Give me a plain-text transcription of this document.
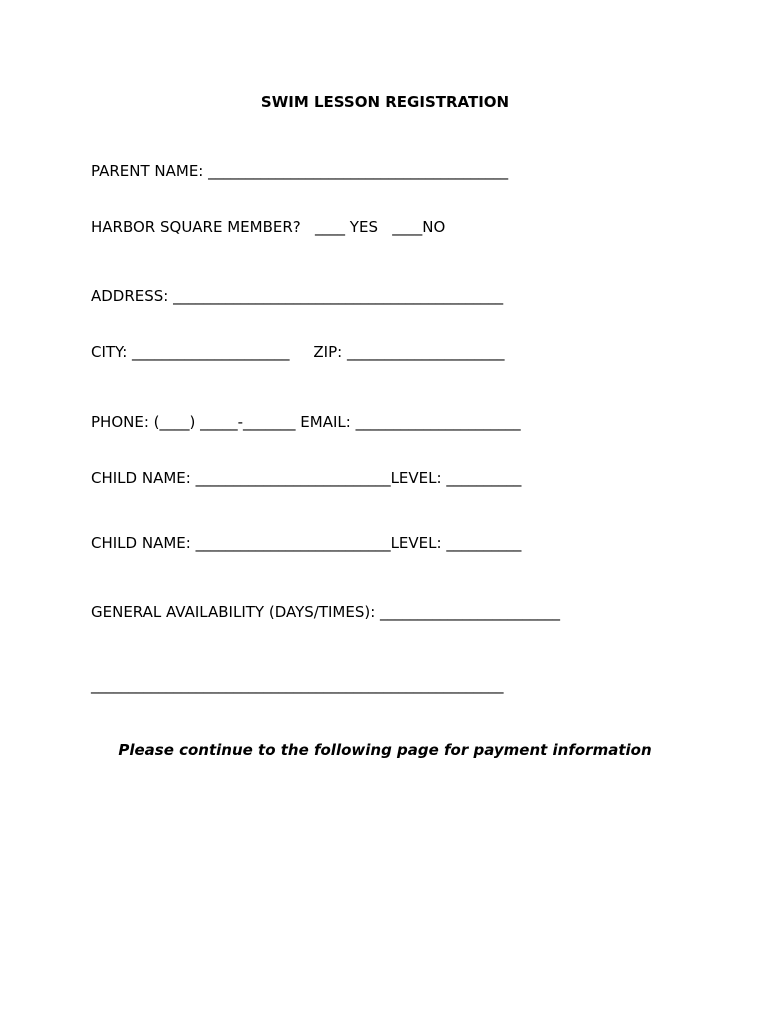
SWIM LESSON REGISTRATION
PARENT NAME: ________________________________________
HARBOR SQUARE MEMBER?   ____ YES   ____NO
ADDRESS: ____________________________________________
CITY: _____________________     ZIP: _____________________
PHONE: (____) _____-_______ EMAIL: ______________________
CHILD NAME: __________________________LEVEL: __________
CHILD NAME: __________________________LEVEL: __________
GENERAL AVAILABILITY (DAYS/TIMES): ________________________
_______________________________________________________
Please continue to the following page for payment information
